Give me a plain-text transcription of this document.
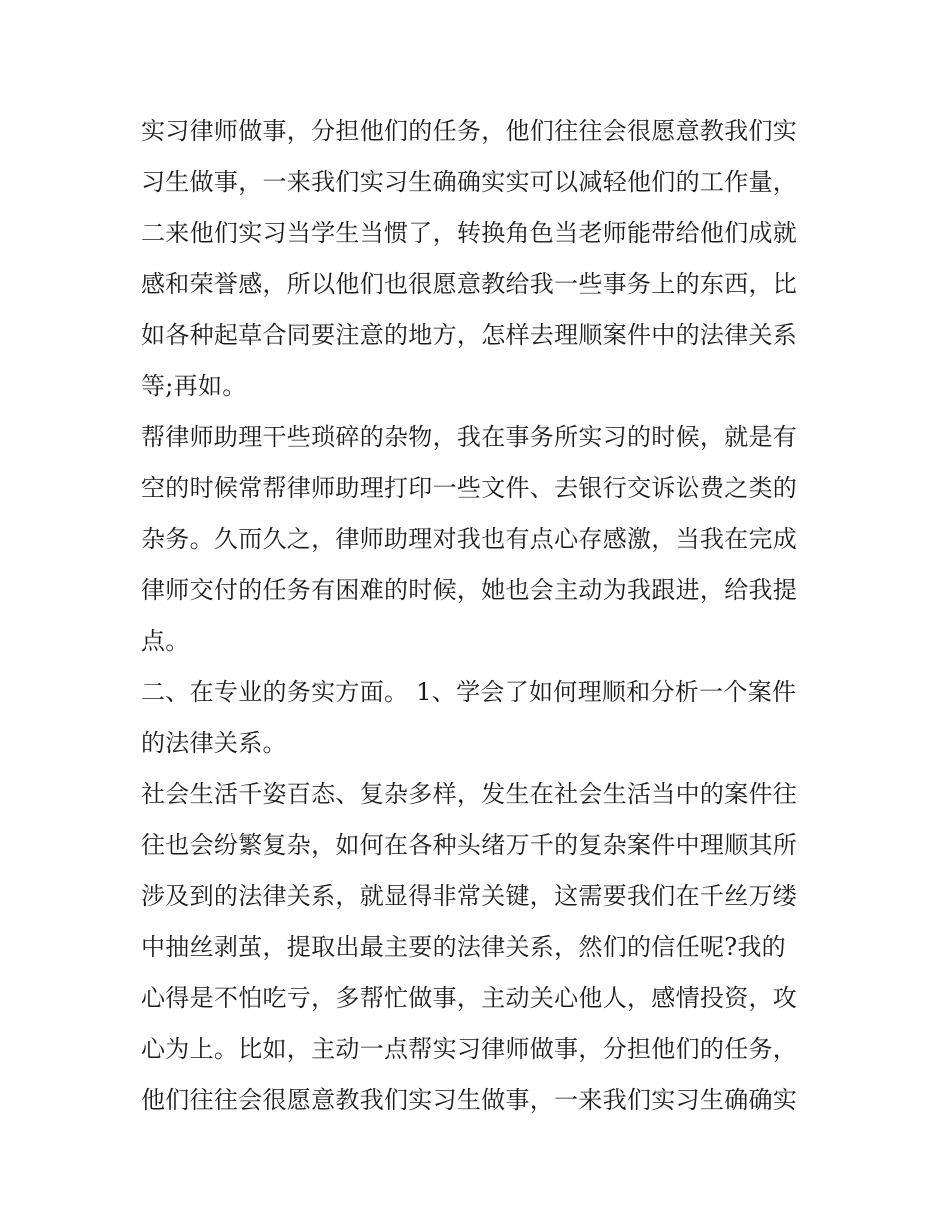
实习律师做事，分担他们的任务，他们往往会很愿意教我们实
习生做事，一来我们实习生确确实实可以减轻他们的工作量，
二来他们实习当学生当惯了，转换角色当老师能带给他们成就
感和荣誉感，所以他们也很愿意教给我一些事务上的东西，比
如各种起草合同要注意的地方，怎样去理顺案件中的法律关系
等;再如。
帮律师助理干些琐碎的杂物，我在事务所实习的时候，就是有
空的时候常帮律师助理打印一些文件、去银行交诉讼费之类的
杂务。久而久之，律师助理对我也有点心存感激，当我在完成
律师交付的任务有困难的时候，她也会主动为我跟进，给我提
点。
二、在专业的务实方面。 1、学会了如何理顺和分析一个案件
的法律关系。
社会生活千姿百态、复杂多样，发生在社会生活当中的案件往
往也会纷繁复杂，如何在各种头绪万千的复杂案件中理顺其所
涉及到的法律关系，就显得非常关键，这需要我们在千丝万缕
中抽丝剥茧，提取出最主要的法律关系，然们的信任呢?我的
心得是不怕吃亏，多帮忙做事，主动关心他人，感情投资，攻
心为上。比如，主动一点帮实习律师做事，分担他们的任务，
他们往往会很愿意教我们实习生做事，一来我们实习生确确实
